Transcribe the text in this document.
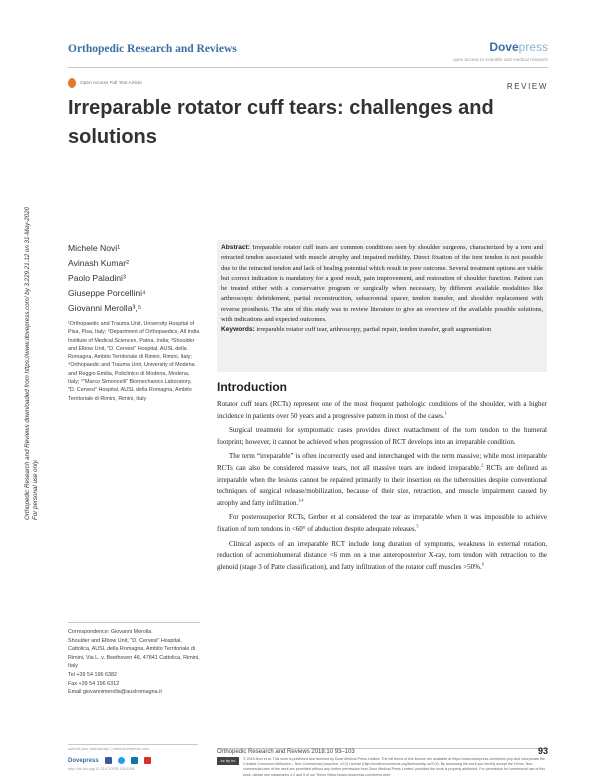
Orthopedic Research and Reviews downloaded from https://www.dovepress.com/ by 3.229.21.12 on 31-May-2020 For personal use only.
Orthopedic Research and Reviews	Dovepress
open access to scientific and medical research
Open Access Full Text Article	REVIEW
Irreparable rotator cuff tears: challenges and solutions
Michele Novi¹
Avinash Kumar²
Paolo Paladini³
Giuseppe Porcellini⁴
Giovanni Merolla³,⁵
¹Orthopaedic and Trauma Unit, University Hospital of Pisa, Pisa, Italy; ²Department of Orthopaedics, All India Institute of Medical Sciences, Patna, India; ³Shoulder and Elbow Unit, "D. Cervesi" Hospital, AUSL della Romagna, Ambito Territoriale di Rimini, Rimini, Italy; ⁴Orthopaedic and Trauma Unit, University of Modena and Reggio Emilia, Policlinico di Modena, Modena, Italy; ⁵"Marco Simoncelli" Biomechanics Laboratory, "D. Cervesi" Hospital, AUSL della Romagna, Ambito Territoriale di Rimini, Rimini, Italy
Correspondence: Giovanni Merolla
Shoulder and Elbow Unit, "D. Cervesi" Hospital, Cattolica, AUSL della Romagna, Ambito Territoriale di Rimini, Via L. v. Beethoven 46, 47841 Cattolica, Rimini, Italy
Tel +39 54 196 6382
Fax +39 54 196 6312
Email giovannimerolla@ausIromagna.it

Abstract: Irreparable rotator cuff tears are common conditions seen by shoulder surgeons, characterized by a torn and retracted tendon associated with muscle atrophy and impaired mobility. Direct fixation of the torn tendon is not possible due to the retracted tendon and lack of healing potential which result in poor outcome. Several treatment options are viable but correct indication is mandatory for a good result, pain improvement, and restoration of shoulder function. Patient can be treated either with a conservative program or surgically when necessary, by different available modalities like arthroscopic debridement, partial reconstruction, subacromial spacer, tendon transfer, and shoulder replacement with reverse prosthesis. The aim of this study was to review literature to give an overview of the available possible solutions, with indications and expected outcomes.

Keywords: irreparable rotator cuff tear, arthroscopy, partial repair, tendon transfer, graft augmentation

Introduction

Rotator cuff tears (RCTs) represent one of the most frequent pathologic conditions of the shoulder, with a higher incidence in patients over 50 years and a progressive pattern in most of the cases.$^1$

Surgical treatment for symptomatic cases provides direct reattachment of the torn tendon to the humeral footprint; however, it cannot be achieved when progression of RCT develops into an irreparable condition.

The term “irreparable” is often incorrectly used and interchanged with the term massive; while most irreparable RCTs can also be considered massive tears, not all massive tears are indeed irreparable.$^2$ RCTs are defined as irreparable when the lesions cannot be repaired primarily to their insertion on the tuberosities despite conventional techniques of surgical release/mobilization, because of their size, retraction, and muscle impairment caused by atrophy and fatty infiltration.$^{3,4}$

For posterosuperior RCTs, Gerber et al considered the tear as irreparable when it was impossible to achieve fixation of torn tendons in <60° of abduction despite adequate releases.$^5$

Clinical aspects of an irreparable RCT include long duration of symptoms, weakness in external rotation, reduction of acromiohumeral distance <6 mm on a true anteroposterior X-ray, torn tendon with retraction to the glenoid (stage 3 of Patte classification), and fatty infiltration of the rotator cuff muscles >50%.$^6$

submit your manuscript | www.dovepress.com
Dovepress
http://dx.doi.org/10.2147/ORR.S151108
Orthopedic Research and Reviews 2018:10 93–103	93
cc by nc	© 2018 Novi et al. This work is published and licensed by Dove Medical Press Limited. The full terms of this license are available at https://www.dovepress.com/terms.php and incorporate the Creative Commons Attribution – Non Commercial (unported, v3.0) License (http://creativecommons.org/licenses/by-nc/3.0/). By accessing the work you hereby accept the Terms. Non-commercial uses of the work are permitted without any further permission from Dove Medical Press Limited, provided the work is properly attributed. For permission for commercial use of this work, please see paragraphs 4.2 and 5 of our Terms (https://www.dovepress.com/terms.php).
